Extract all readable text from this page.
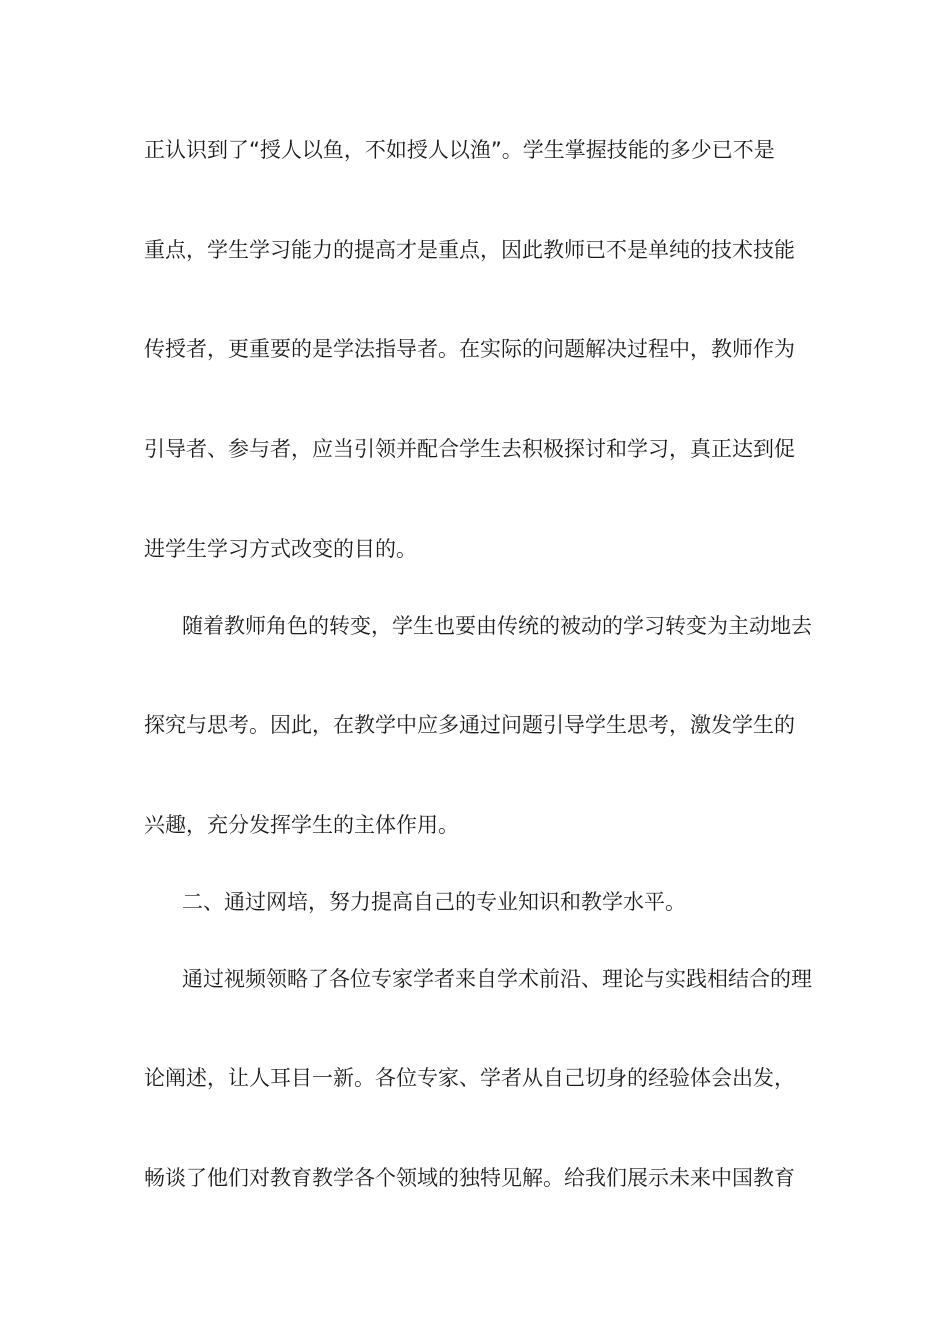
正认识到了“授人以鱼，不如授人以渔”。学生掌握技能的多少已不是
重点，学生学习能力的提高才是重点，因此教师已不是单纯的技术技能
传授者，更重要的是学法指导者。在实际的问题解决过程中，教师作为
引导者、参与者，应当引领并配合学生去积极探讨和学习，真正达到促
进学生学习方式改变的目的。
随着教师角色的转变，学生也要由传统的被动的学习转变为主动地去
探究与思考。因此，在教学中应多通过问题引导学生思考，激发学生的
兴趣，充分发挥学生的主体作用。
二、通过网培，努力提高自己的专业知识和教学水平。
通过视频领略了各位专家学者来自学术前沿、理论与实践相结合的理
论阐述，让人耳目一新。各位专家、学者从自己切身的经验体会出发，
畅谈了他们对教育教学各个领域的独特见解。给我们展示未来中国教育
